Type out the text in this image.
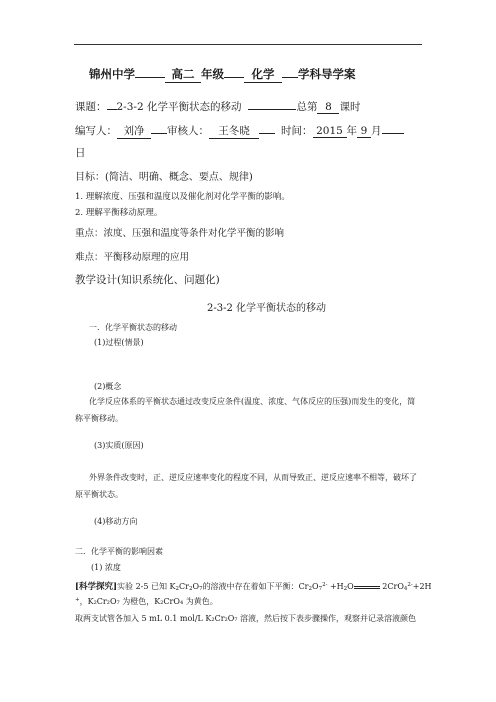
锦州中学	高二 年级 化学 学科导学案
课题： 2-3-2 化学平衡状态的移动	总第 8 课时
编写人： 刘净 审核人： 王冬晓	时间： 2015 年 9 月
日
目标：(简洁、明确、概念、要点、规律)
1. 理解浓度、压强和温度以及催化剂对化学平衡的影响。
2. 理解平衡移动原理。
重点：浓度、压强和温度等条件对化学平衡的影响
难点：平衡移动原理的应用
教学设计(知识系统化、问题化)
2-3-2 化学平衡状态的移动
一．化学平衡状态的移动
(1)过程(情景)
(2)概念
化学反应体系的平衡状态通过改变反应条件(温度、浓度、气体反应的压强)而发生的变化，简称平衡移动。
(3)实质(原因)
外界条件改变时，正、逆反应速率变化的程度不同，从而导致正、逆反应速率不相等，破坏了原平衡状态。
(4)移动方向
二．化学平衡的影响因素
(1) 浓度
[科学探究]实验 2-5 已知 K2Cr2O7的溶液中存在着如下平衡：$Cr2O7^{2-} +H2O$	$2CrO4^{2-}+2H$
+，K₂Cr₂O₇ 为橙色，K₂CrO₄ 为黄色。
取两支试管各加入 5 mL 0.1 mol/L K₂Cr₂O₇ 溶液，然后按下表步骤操作，观察并记录溶液颜色
